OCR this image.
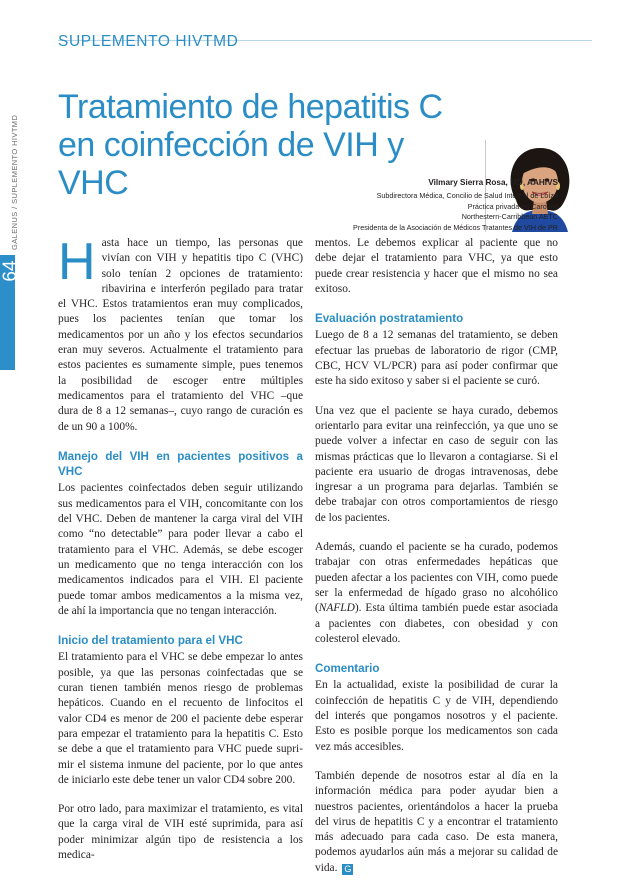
SUPLEMENTO HIVTMD
64
GALENUS / SUPLEMENTO HIVTMD
Tratamiento de hepatitis C en coinfección de VIH y VHC	Vilmary Sierra Rosa, MD, AAHIVS
Subdirectora Médica, Concilio de Salud Integral de Loíza
Práctica privada en Carolina
Northestern-Carribbean AETC
Presidenta de la Asociación de Médicos Tratantes de VIH de PR

Hasta hace un tiempo, las personas que vivían con VIH y hepatitis tipo C (VHC) solo tenían 2 opciones de tratamiento: ribavirina e interferón pegilado para tratar el VHC. Estos tratamientos eran muy complicados, pues los pacientes tenían que tomar los medicamentos por un año y los efectos secundarios eran muy severos. Actualmente el tratamiento para estos pacientes es sumamente simple, pues tenemos la posibilidad de escoger entre múltiples medicamentos para el tratamiento del VHC –que dura de 8 a 12 semanas–, cuyo rango de curación es de un 90 a 100%.

Manejo del VIH en pacientes positivos a VHC

Los pacientes coinfectados deben seguir utilizando sus medicamentos para el VIH, concomitante con los del VHC. Deben de mantener la carga viral del VIH como “no detectable” para poder llevar a cabo el tratamiento para el VHC. Además, se debe escoger un medicamento que no tenga interacción con los medicamentos indicados para el VIH. El paciente puede tomar ambos medicamentos a la misma vez, de ahí la importancia que no tengan interacción.

Inicio del tratamiento para el VHC

El tratamiento para el VHC se debe empezar lo antes posible, ya que las personas coinfectadas que se curan tienen también menos riesgo de problemas hepáticos. Cuando en el recuento de linfocitos el valor CD4 es menor de 200 el paciente debe esperar para empezar el tratamiento para la hepatitis C. Esto se debe a que el tratamiento para VHC puede supri-mir el sistema inmune del paciente, por lo que antes de iniciarlo este debe tener un valor CD4 sobre 200.

Por otro lado, para maximizar el tratamiento, es vital que la carga viral de VIH esté suprimida, para así poder minimizar algún tipo de resistencia a los medica-

mentos. Le debemos explicar al paciente que no debe dejar el tratamiento para VHC, ya que esto puede crear resistencia y hacer que el mismo no sea exitoso.

Evaluación postratamiento

Luego de 8 a 12 semanas del tratamiento, se deben efectuar las pruebas de laboratorio de rigor (CMP, CBC, HCV VL/PCR) para así poder confirmar que este ha sido exitoso y saber si el paciente se curó.

Una vez que el paciente se haya curado, debemos orientarlo para evitar una reinfección, ya que uno se puede volver a infectar en caso de seguir con las mismas prácticas que lo llevaron a contagiarse. Si el paciente era usuario de drogas intravenosas, debe ingresar a un programa para dejarlas. También se debe trabajar con otros comportamientos de riesgo de los pacientes.

Además, cuando el paciente se ha curado, podemos trabajar con otras enfermedades hepáticas que pueden afectar a los pacientes con VIH, como puede ser la enfermedad de hígado graso no alcohólico (NAFLD). Esta última también puede estar asociada a pacientes con diabetes, con obesidad y con colesterol elevado.

Comentario

En la actualidad, existe la posibilidad de curar la coinfección de hepatitis C y de VIH, dependiendo del interés que pongamos nosotros y el paciente. Esto es posible porque los medicamentos son cada vez más accesibles.

También depende de nosotros estar al día en la información médica para poder ayudar bien a nuestros pacientes, orientándolos a hacer la prueba del virus de hepatitis C y a encontrar el tratamiento más adecuado para cada caso. De esta manera, podemos ayudarlos aún más a mejorar su calidad de vida. G
